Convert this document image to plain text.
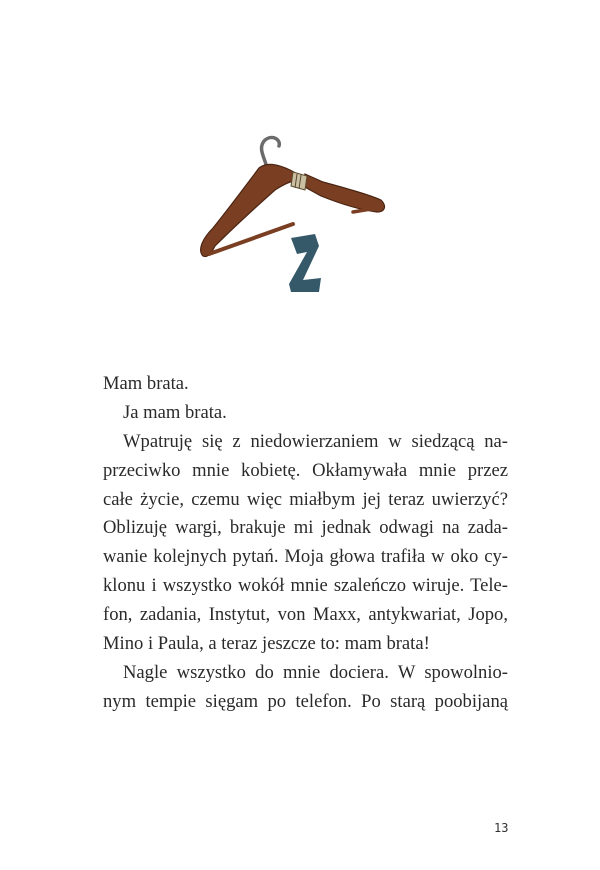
Mam brata.
Ja mam brata.
Wpatruję się z niedowierzaniem w siedzącą na-
przeciwko mnie kobietę. Okłamywała mnie przez
całe życie, czemu więc miałbym jej teraz uwierzyć?
Oblizuję wargi, brakuje mi jednak odwagi na zada-
wanie kolejnych pytań. Moja głowa trafiła w oko cy-
klonu i wszystko wokół mnie szaleńczo wiruje. Tele-
fon, zadania, Instytut, von Maxx, antykwariat, Jopo,
Mino i Paula, a teraz jeszcze to: mam brata!
Nagle wszystko do mnie dociera. W spowolnio-
nym tempie sięgam po telefon. Po starą poobijaną
13
